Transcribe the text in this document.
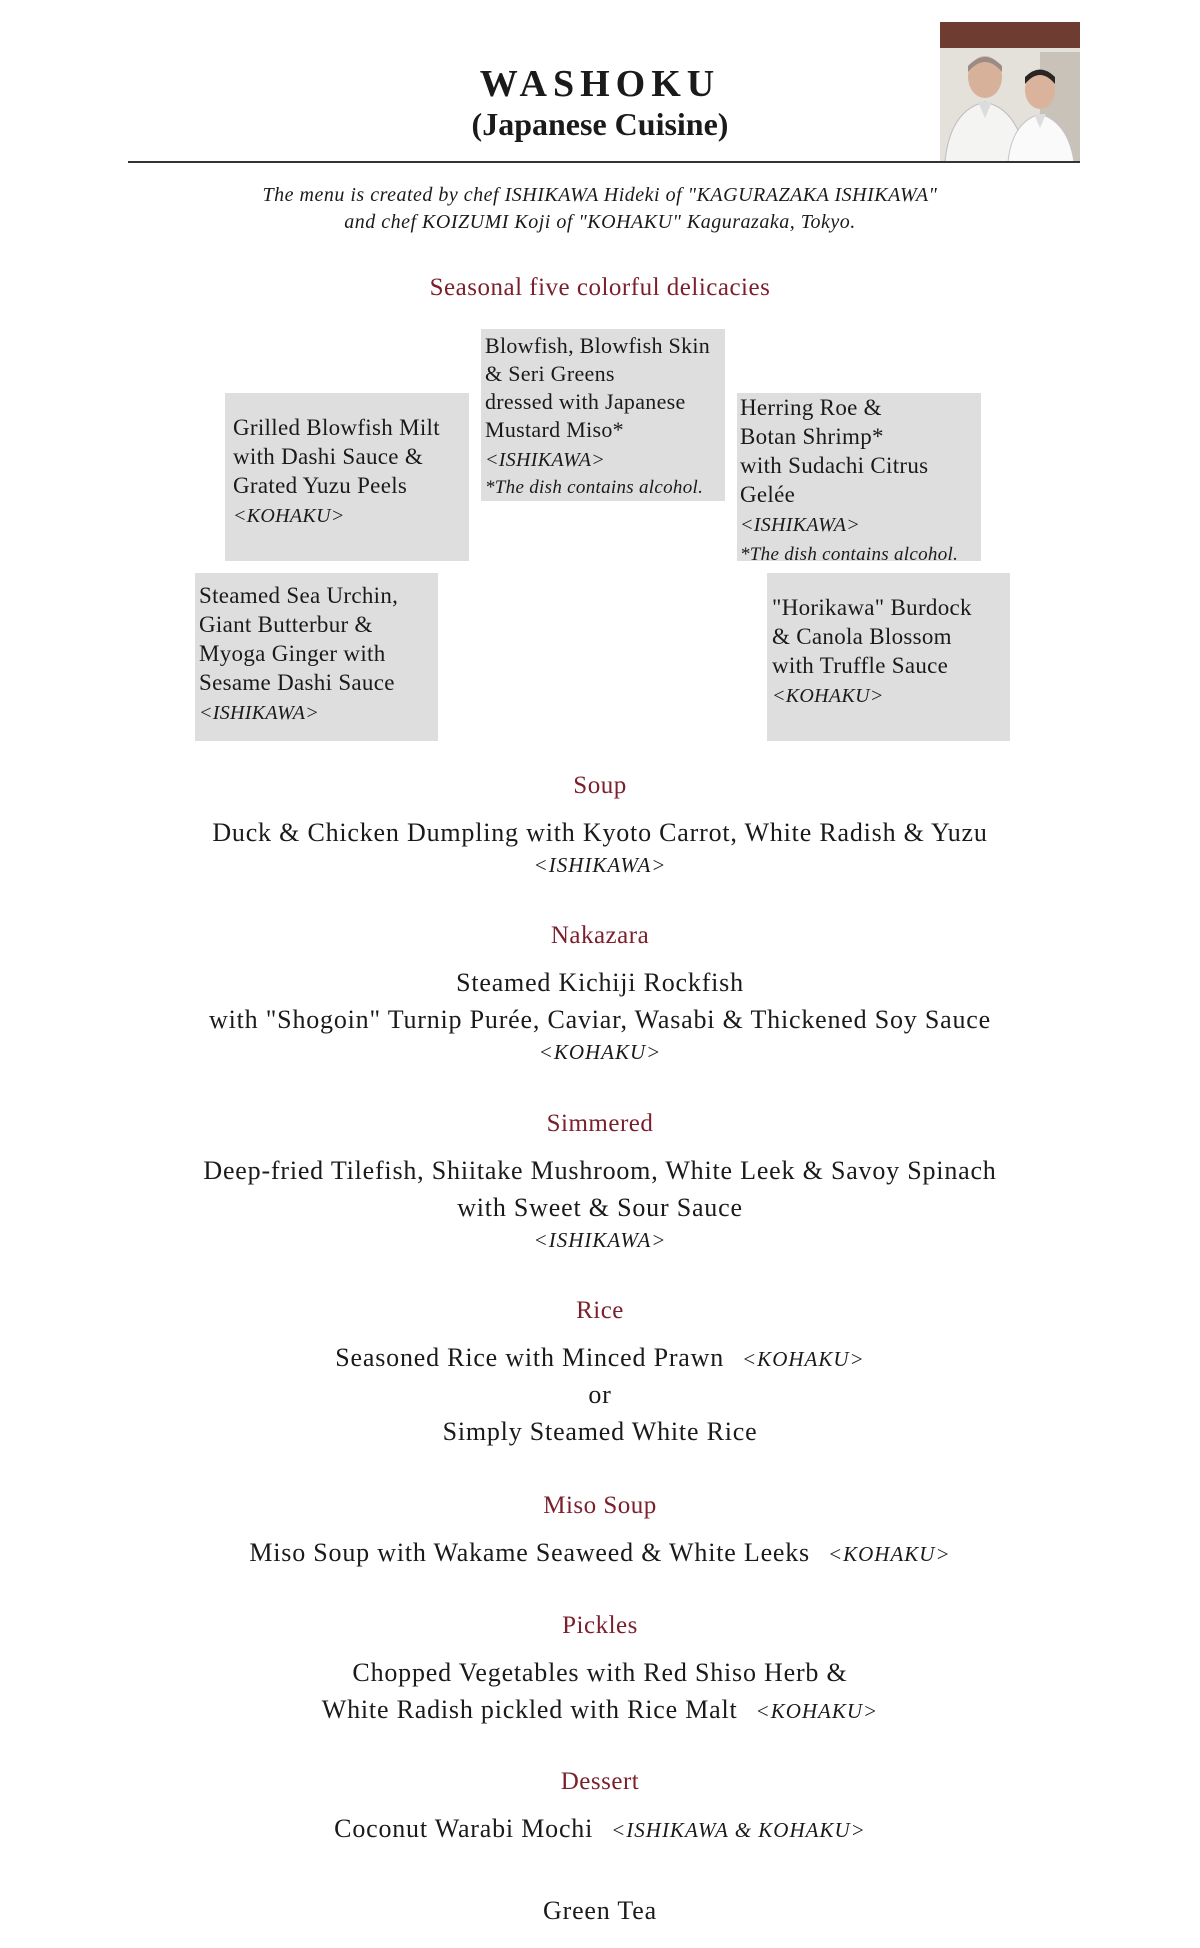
WASHOKU
(Japanese Cuisine)
The menu is created by chef ISHIKAWA Hideki of "KAGURAZAKA ISHIKAWA"
and chef KOIZUMI Koji of "KOHAKU" Kagurazaka, Tokyo.
Seasonal five colorful delicacies
Grilled Blowfish Milt
with Dashi Sauce &
Grated Yuzu Peels
<KOHAKU>
Blowfish, Blowfish Skin
& Seri Greens
dressed with Japanese
Mustard Miso*
<ISHIKAWA>
*The dish contains alcohol.
Herring Roe &
Botan Shrimp*
with Sudachi Citrus
Gelée
<ISHIKAWA>
*The dish contains alcohol.
Steamed Sea Urchin,
Giant Butterbur &
Myoga Ginger with
Sesame Dashi Sauce
<ISHIKAWA>
"Horikawa" Burdock
& Canola Blossom
with Truffle Sauce
<KOHAKU>
Soup
Duck & Chicken Dumpling with Kyoto Carrot, White Radish & Yuzu
<ISHIKAWA>
Nakazara
Steamed Kichiji Rockfish
with "Shogoin" Turnip Purée, Caviar, Wasabi & Thickened Soy Sauce
<KOHAKU>
Simmered
Deep-fried Tilefish, Shiitake Mushroom, White Leek & Savoy Spinach
with Sweet & Sour Sauce
<ISHIKAWA>
Rice
Seasoned Rice with Minced Prawn <KOHAKU>
or
Simply Steamed White Rice
Miso Soup
Miso Soup with Wakame Seaweed & White Leeks <KOHAKU>
Pickles
Chopped Vegetables with Red Shiso Herb &
White Radish pickled with Rice Malt <KOHAKU>
Dessert
Coconut Warabi Mochi <ISHIKAWA & KOHAKU>
Green Tea
